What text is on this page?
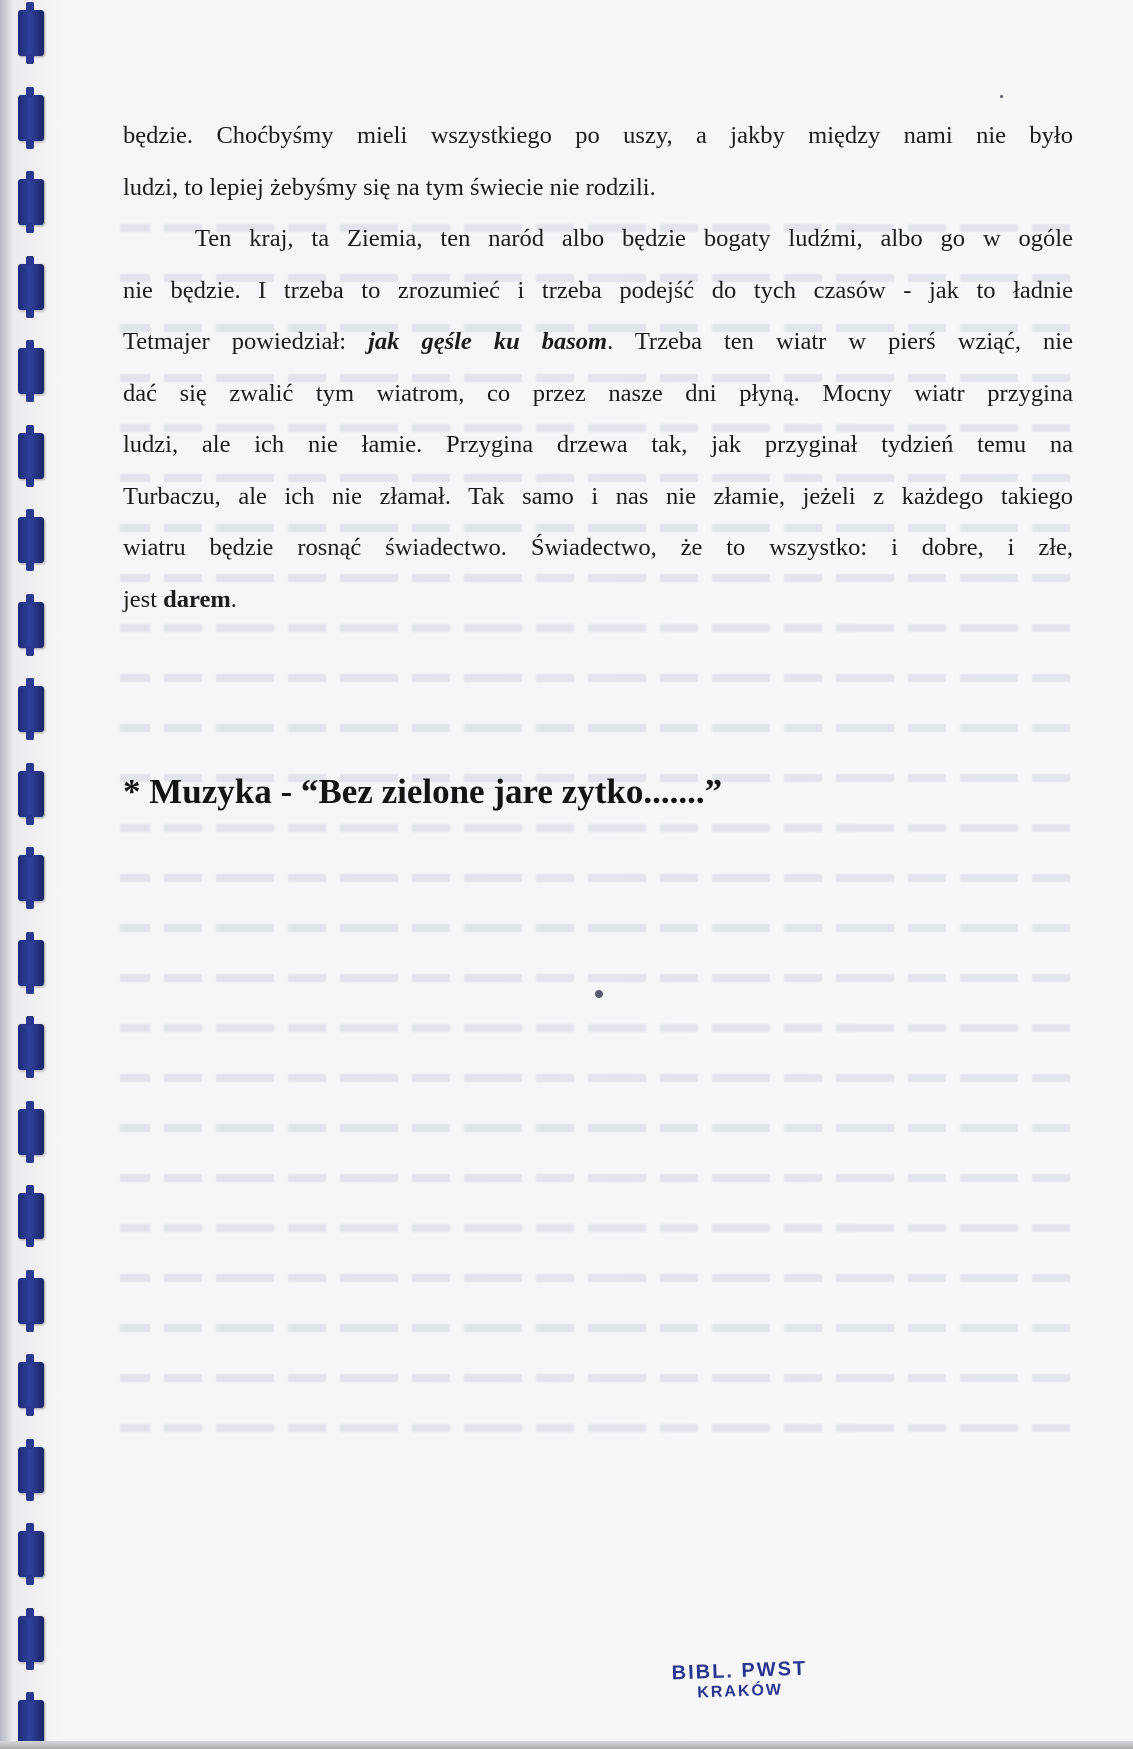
będzie. Choćbyśmy mieli wszystkiego po uszy, a jakby między nami nie było
ludzi, to lepiej żebyśmy się na tym świecie nie rodzili.
Ten kraj, ta Ziemia, ten naród albo będzie bogaty ludźmi, albo go w ogóle
nie będzie. I trzeba to zrozumieć i trzeba podejść do tych czasów - jak to ładnie
Tetmajer powiedział: jak gęśle ku basom. Trzeba ten wiatr w pierś wziąć, nie
dać się zwalić tym wiatrom, co przez nasze dni płyną. Mocny wiatr przygina
ludzi, ale ich nie łamie. Przygina drzewa tak, jak przyginał tydzień temu na
Turbaczu, ale ich nie złamał. Tak samo i nas nie złamie, jeżeli z każdego takiego
wiatru będzie rosnąć świadectwo. Świadectwo, że to wszystko: i dobre, i złe,
jest darem.
* Muzyka - “Bez zielone jare zytko.......”
BIBL. PWST
KRAKÓW
